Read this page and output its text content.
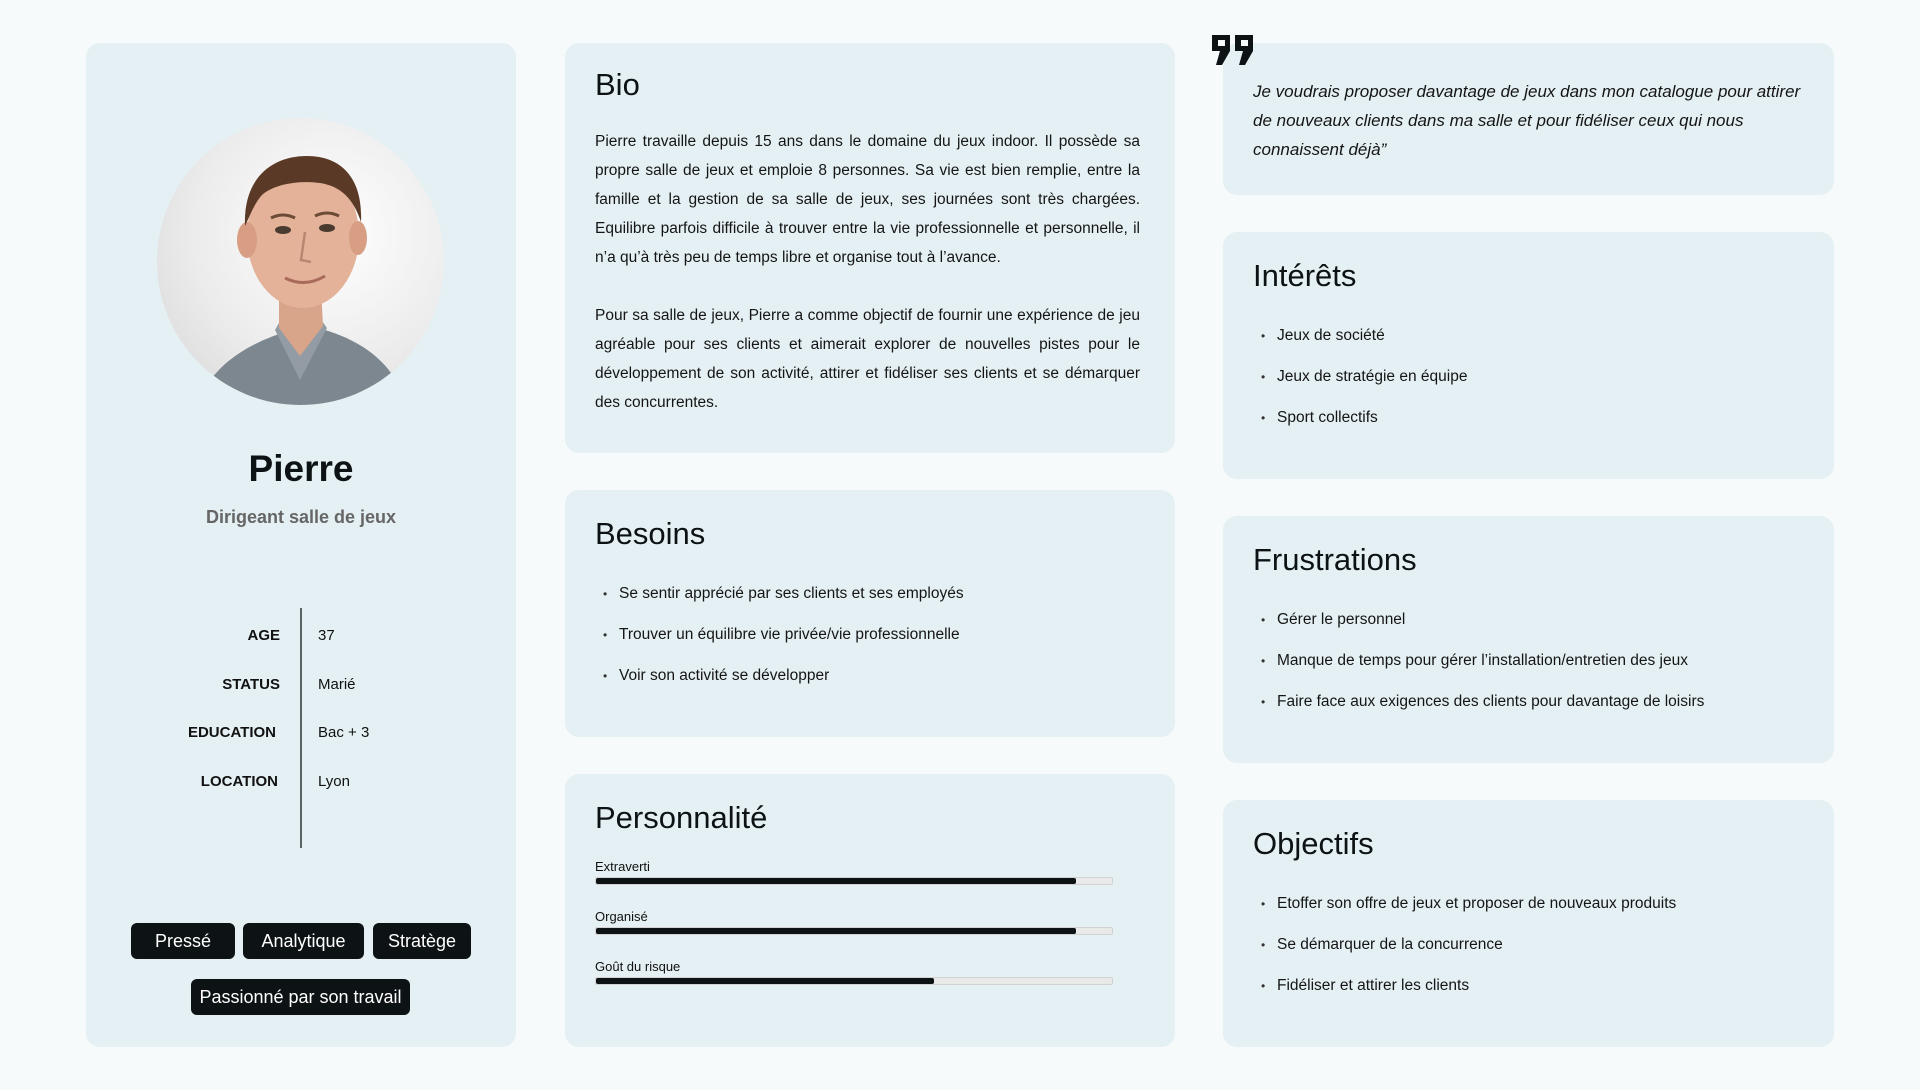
Pierre
Dirigeant salle de jeux
AGE	37
STATUS	Marié
EDUCATION	Bac + 3
LOCATION	Lyon
Pressé	Analytique	Stratège
Passionné par son travail
Bio

Pierre travaille depuis 15 ans dans le domaine du jeux indoor. Il possède sa propre salle de jeux et emploie 8 personnes. Sa vie est bien remplie, entre la famille et la gestion de sa salle de jeux, ses journées sont très chargées. Equilibre parfois difficile à trouver entre la vie professionnelle et personnelle, il n’a qu’à très peu de temps libre et organise tout à l’avance.

Pour sa salle de jeux, Pierre a comme objectif de fournir une expérience de jeu agréable pour ses clients et aimerait explorer de nouvelles pistes pour le développement de son activité, attirer et fidéliser ses clients et se démarquer des concurrentes.

Besoins
• Se sentir apprécié par ses clients et ses employés
• Trouver un équilibre vie privée/vie professionnelle
• Voir son activité se développer
Personnalité
Extraverti
Organisé
Goût du risque
Je voudrais proposer davantage de jeux dans mon catalogue pour attirer de nouveaux clients dans ma salle et pour fidéliser ceux qui nous connaissent déjà”
Intérêts
• Jeux de société
• Jeux de stratégie en équipe
• Sport collectifs
Frustrations
• Gérer le personnel
• Manque de temps pour gérer l’installation/entretien des jeux
• Faire face aux exigences des clients pour davantage de loisirs
Objectifs
• Etoffer son offre de jeux et proposer de nouveaux produits
• Se démarquer de la concurrence
• Fidéliser et attirer les clients
